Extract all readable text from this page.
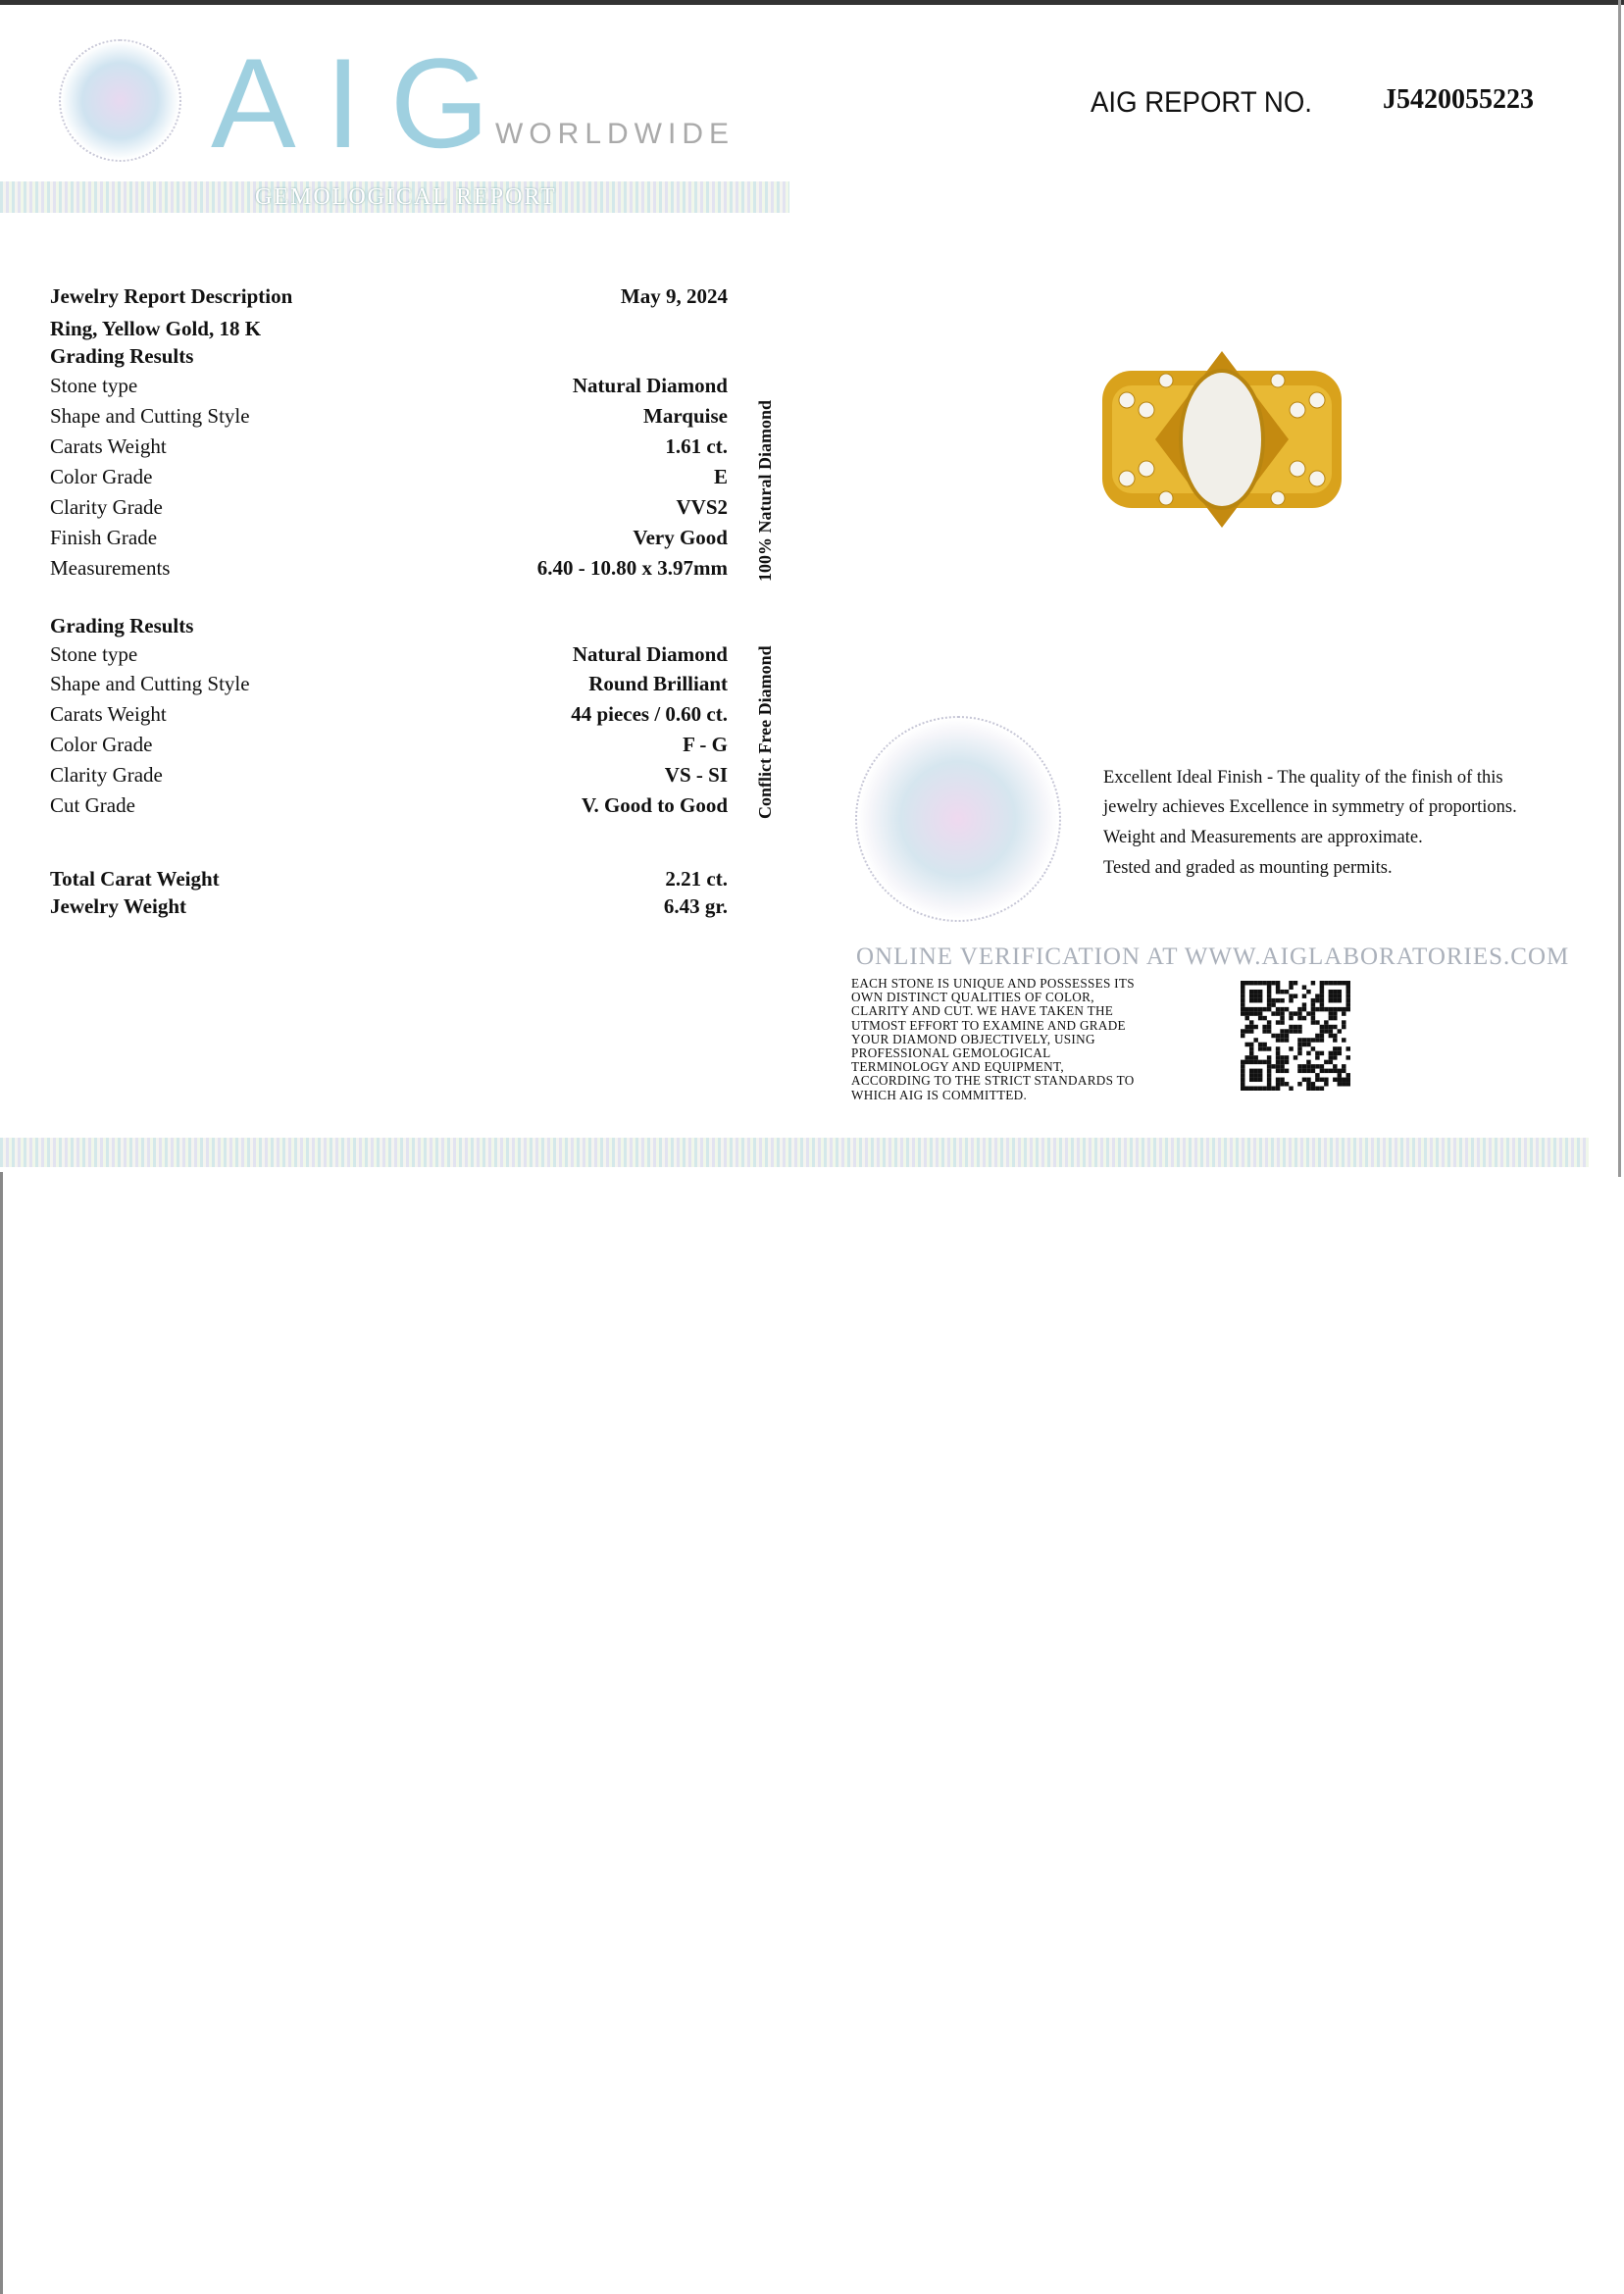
AIG
WORLDWIDE
GEMOLOGICAL REPORT
AIG REPORT NO.	J5420055223
Jewelry Report Description	May 9, 2024
Ring, Yellow Gold, 18 K
Grading Results
Stone type	Natural Diamond
Shape and Cutting Style	Marquise
Carats Weight	1.61 ct.
Color Grade	E
Clarity Grade	VVS2
Finish Grade	Very Good
Measurements	6.40 - 10.80 x 3.97mm
Grading Results
Stone type	Natural Diamond
Shape and Cutting Style	Round Brilliant
Carats Weight	44 pieces / 0.60 ct.
Color Grade	F - G
Clarity Grade	VS - SI
Cut Grade	V. Good to Good
Total Carat Weight	2.21 ct.
Jewelry Weight	6.43 gr.
100% Natural Diamond
Conflict Free Diamond	Excellent Ideal Finish - The quality of the finish of this
jewelry achieves Excellence in symmetry of proportions.
Weight and Measurements are approximate.
Tested and graded as mounting permits.
ONLINE VERIFICATION AT WWW.AIGLABORATORIES.COM
EACH STONE IS UNIQUE AND POSSESSES ITS OWN DISTINCT QUALITIES OF COLOR, CLARITY AND CUT. WE HAVE TAKEN THE UTMOST EFFORT TO EXAMINE AND GRADE YOUR DIAMOND OBJECTIVELY, USING PROFESSIONAL GEMOLOGICAL TERMINOLOGY AND EQUIPMENT, ACCORDING TO THE STRICT STANDARDS TO WHICH AIG IS COMMITTED.
